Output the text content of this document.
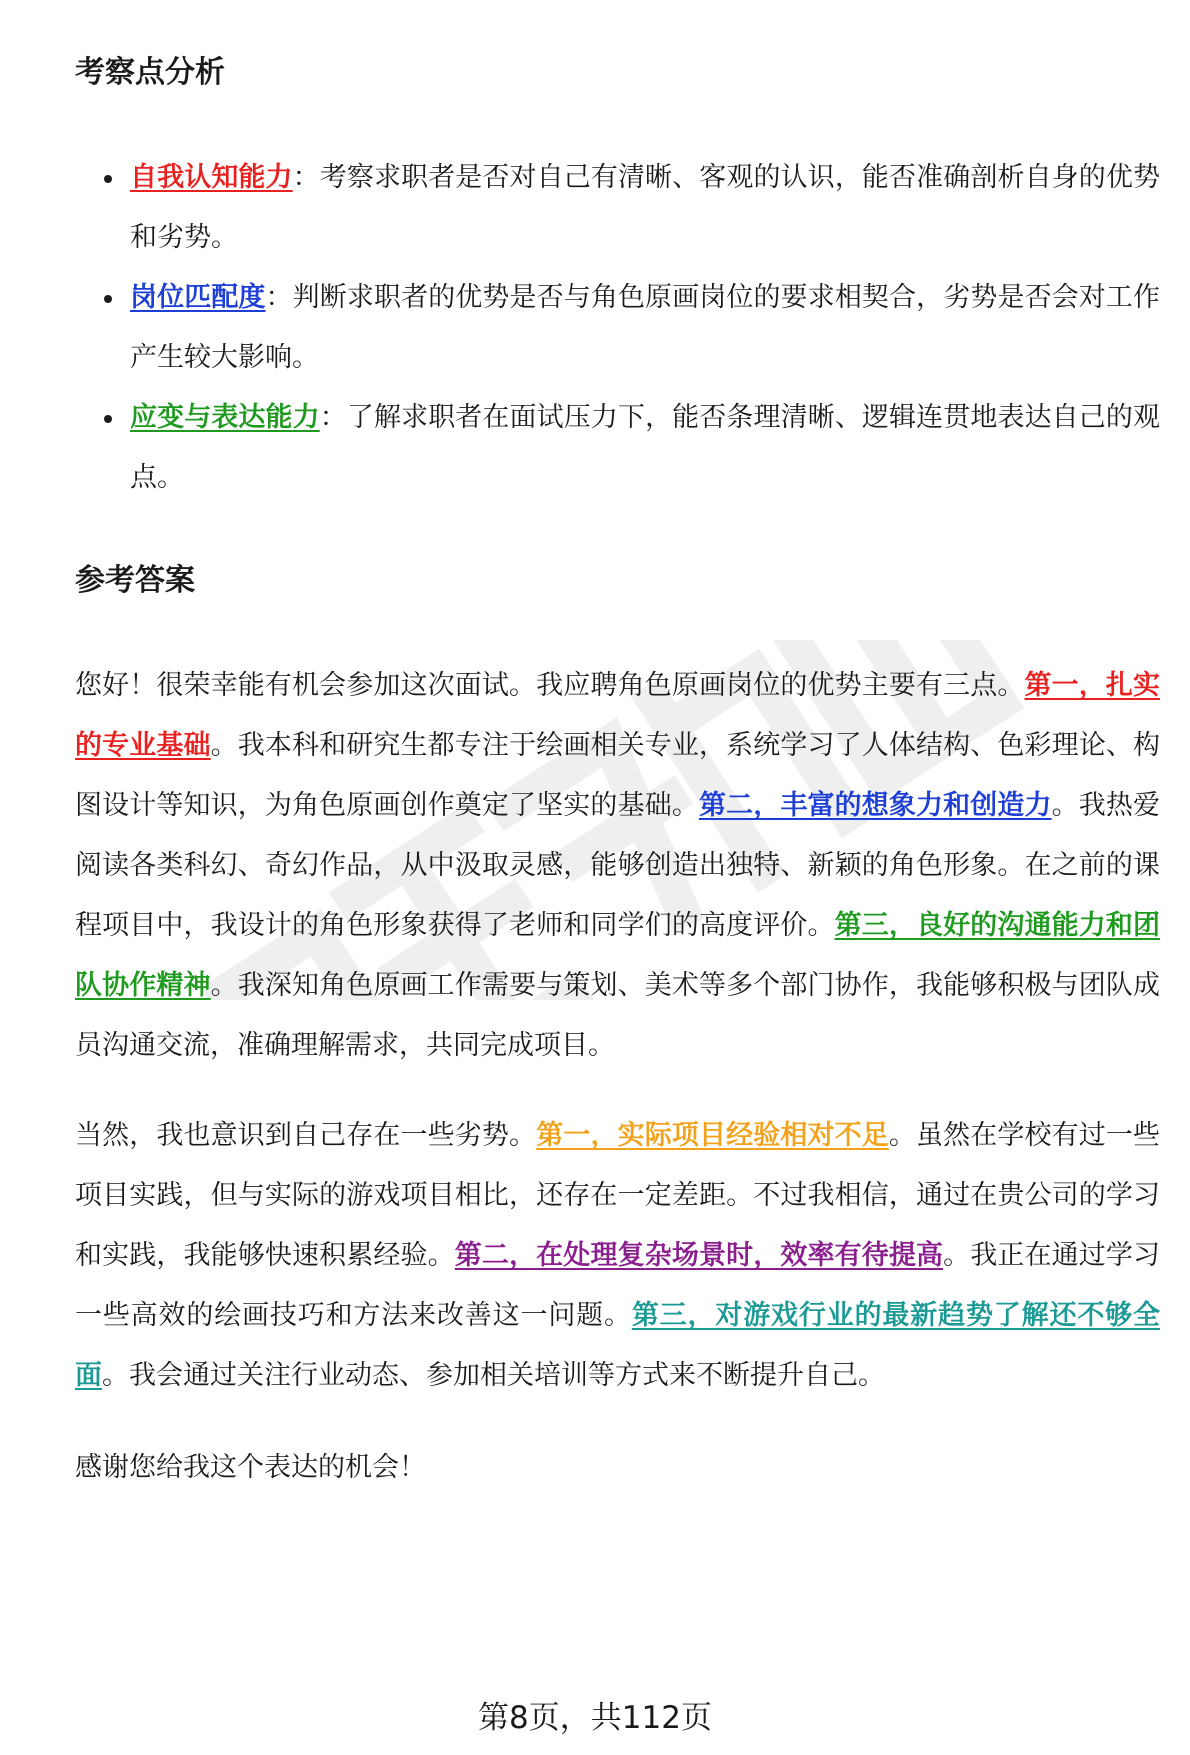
考察点分析
自我认知能力：考察求职者是否对自己有清晰、客观的认识，能否准确剖析自身的优势和劣势。
岗位匹配度：判断求职者的优势是否与角色原画岗位的要求相契合，劣势是否会对工作产生较大影响。
应变与表达能力：了解求职者在面试压力下，能否条理清晰、逻辑连贯地表达自己的观点。
参考答案

您好！很荣幸能有机会参加这次面试。我应聘角色原画岗位的优势主要有三点。第一，扎实的专业基础。我本科和研究生都专注于绘画相关专业，系统学习了人体结构、色彩理论、构图设计等知识，为角色原画创作奠定了坚实的基础。第二，丰富的想象力和创造力。我热爱阅读各类科幻、奇幻作品，从中汲取灵感，能够创造出独特、新颖的角色形象。在之前的课程项目中，我设计的角色形象获得了老师和同学们的高度评价。第三，良好的沟通能力和团队协作精神。我深知角色原画工作需要与策划、美术等多个部门协作，我能够积极与团队成员沟通交流，准确理解需求，共同完成项目。

当然，我也意识到自己存在一些劣势。第一，实际项目经验相对不足。虽然在学校有过一些项目实践，但与实际的游戏项目相比，还存在一定差距。不过我相信，通过在贵公司的学习和实践，我能够快速积累经验。第二，在处理复杂场景时，效率有待提高。我正在通过学习一些高效的绘画技巧和方法来改善这一问题。第三，对游戏行业的最新趋势了解还不够全面。我会通过关注行业动态、参加相关培训等方式来不断提升自己。

感谢您给我这个表达的机会！

第8页，共112页
